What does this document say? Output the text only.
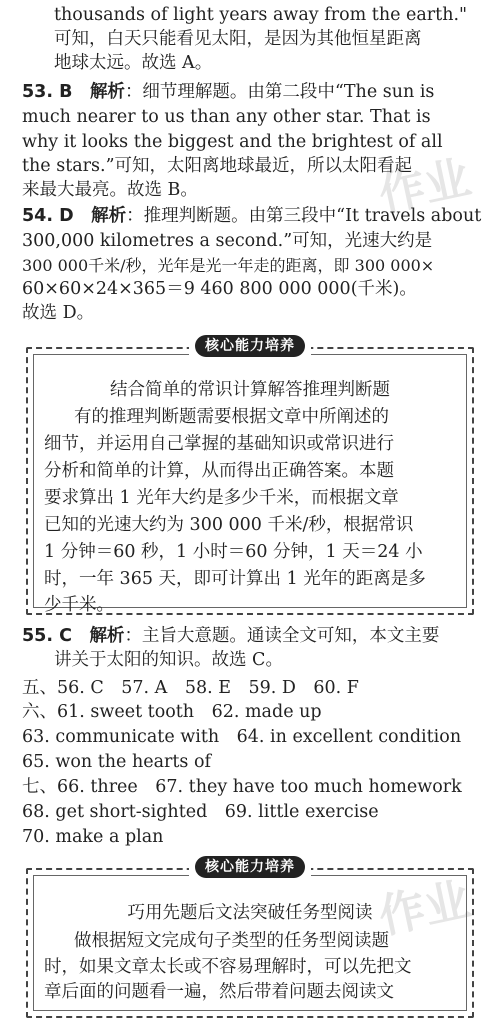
作业
作业
thousands of light years away from the earth."
可知，白天只能看见太阳，是因为其他恒星距离
地球太远。故选 A。
53. B　 解析：细节理解题。由第二段中“The sun is
much nearer to us than any other star. That is
why it looks the biggest and the brightest of all
the stars.”可知，太阳离地球最近，所以太阳看起
来最大最亮。故选 B。
54. D　 解析：推理判断题。由第三段中“It travels about
300,000 kilometres a second.”可知，光速大约是
300 000千米/秒，光年是光一年走的距离，即 300 000×
60×60×24×365＝9 460 800 000 000(千米)。
故选 D。
核心能力培养
结合简单的常识计算解答推理判断题
有的推理判断题需要根据文章中所阐述的
细节，并运用自己掌握的基础知识或常识进行
分析和简单的计算，从而得出正确答案。本题
要求算出 1 光年大约是多少千米，而根据文章
已知的光速大约为 300 000 千米/秒，根据常识
1 分钟＝60 秒，1 小时＝60 分钟，1 天＝24 小
时，一年 365 天，即可计算出 1 光年的距离是多
少千米。
55. C　 解析：主旨大意题。通读全文可知，本文主要
讲关于太阳的知识。故选 C。
五、56. C　57. A　58. E　59. D　60. F
六、61. sweet tooth　62. made up
63. communicate with　64. in excellent condition
65. won the hearts of
七、66. three　67. they have too much homework
68. get short-sighted　69. little exercise
70. make a plan
核心能力培养
巧用先题后文法突破任务型阅读
做根据短文完成句子类型的任务型阅读题
时，如果文章太长或不容易理解时，可以先把文
章后面的问题看一遍，然后带着问题去阅读文
